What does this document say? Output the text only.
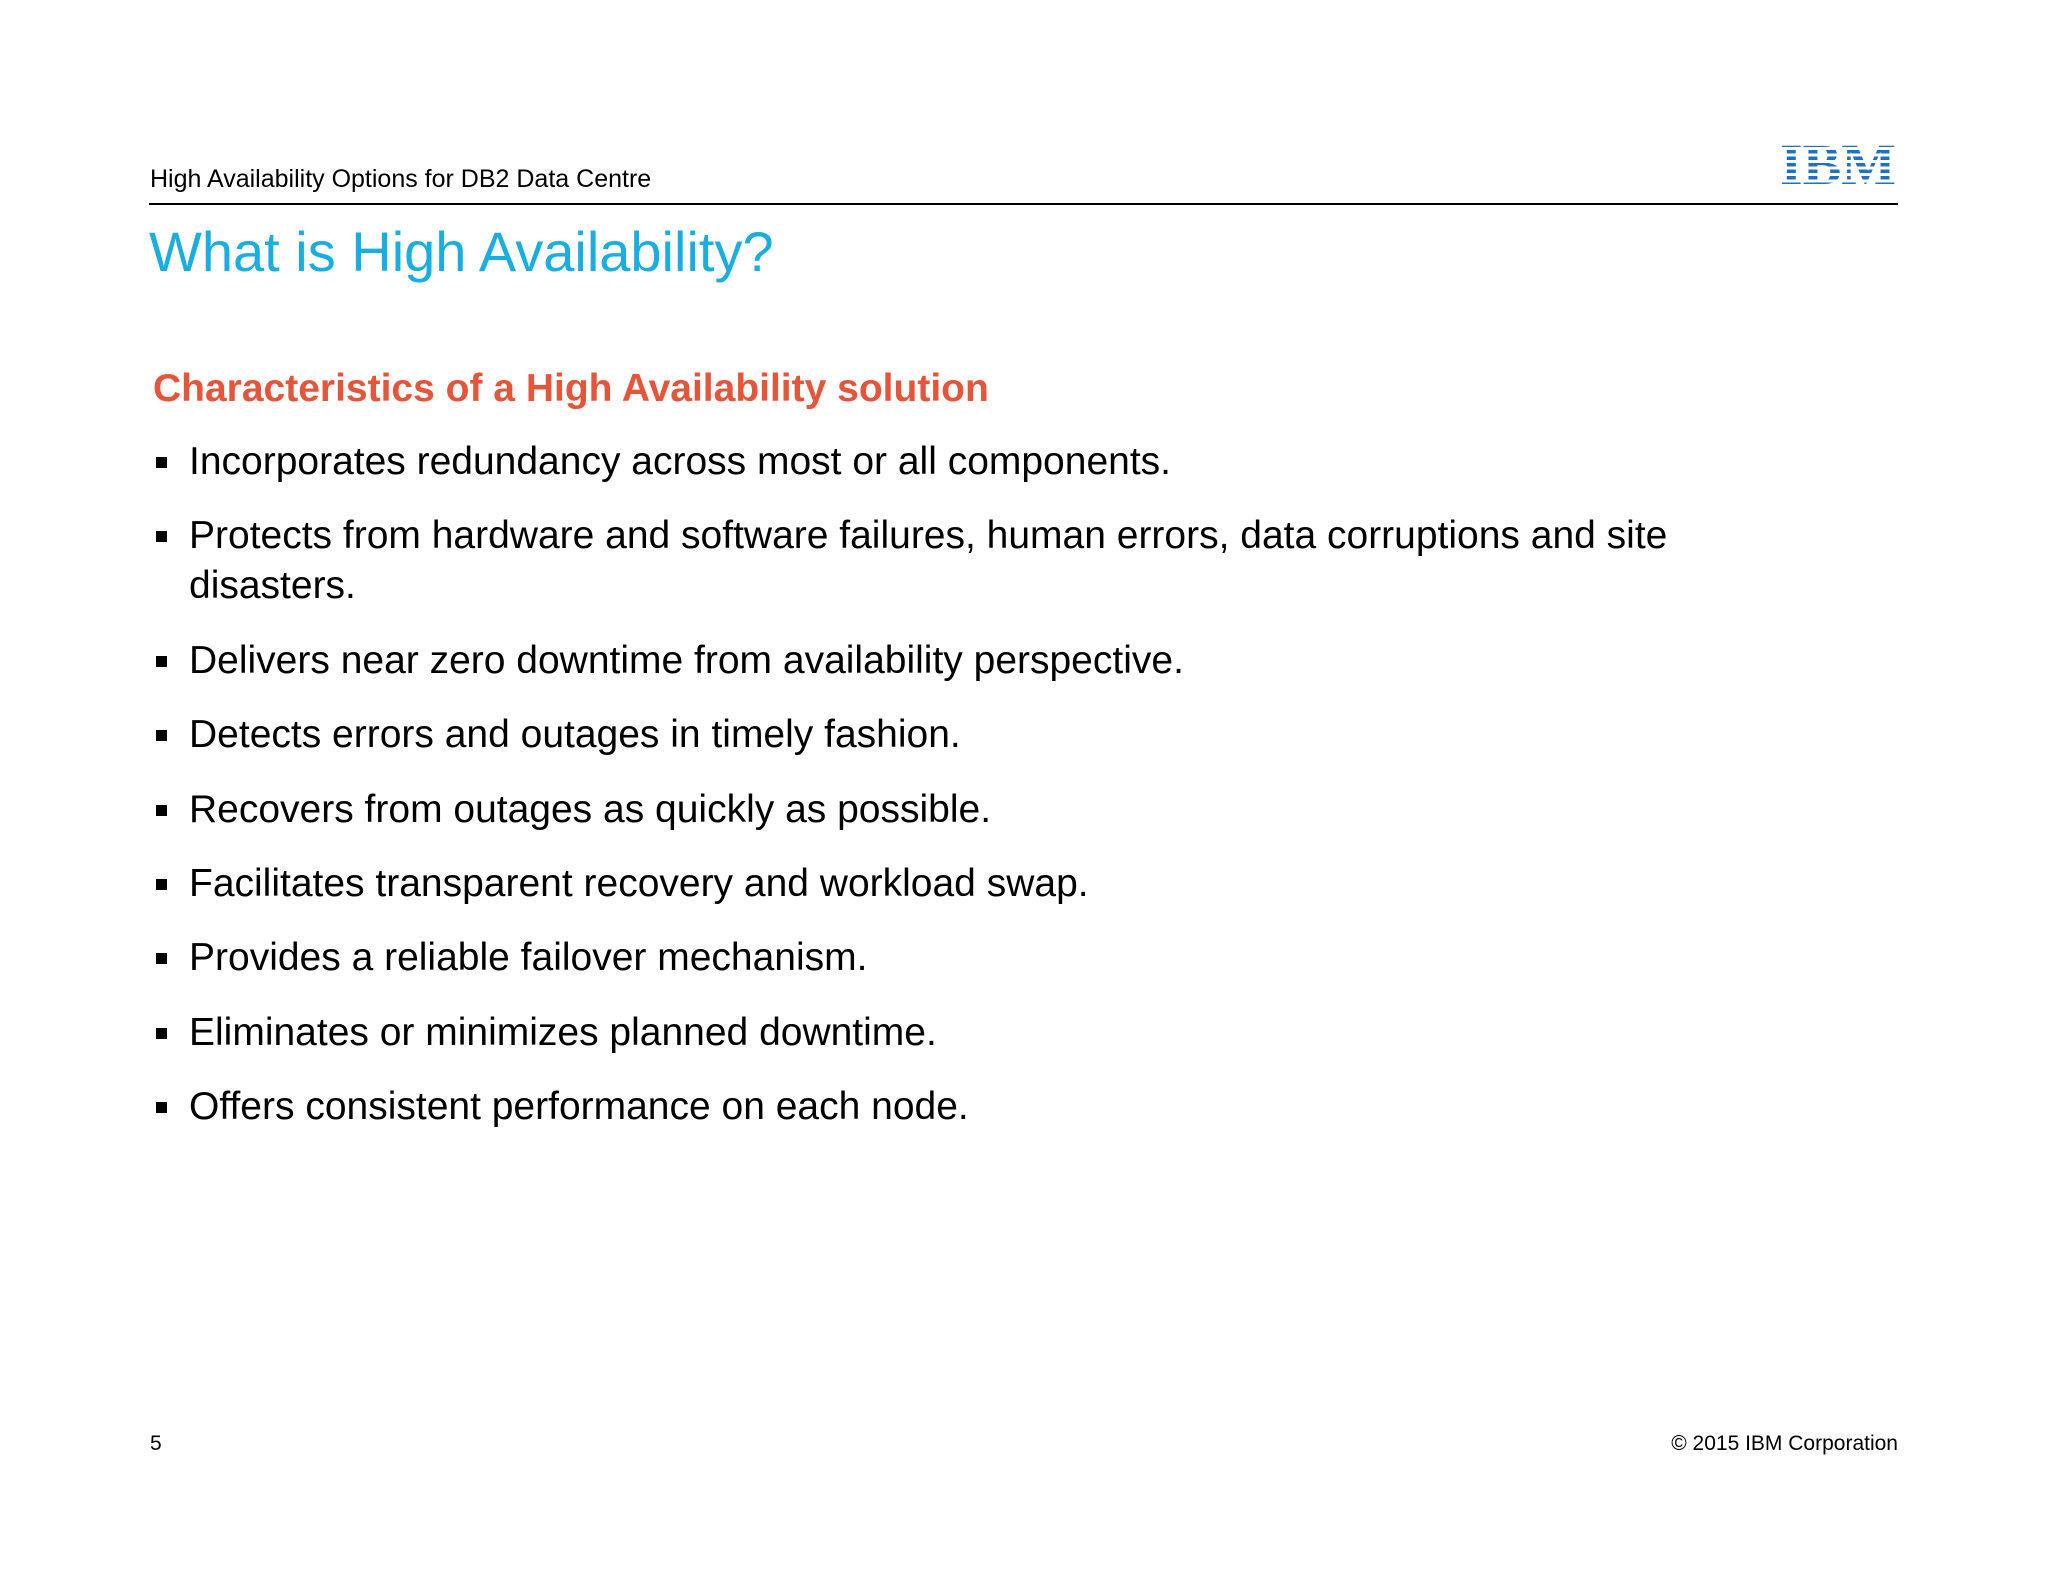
High Availability Options for DB2 Data Centre
What is High Availability?
Characteristics of a High Availability solution
Incorporates redundancy across most or all components.
Protects from hardware and software failures, human errors, data corruptions and site disasters.
Delivers near zero downtime from availability perspective.
Detects errors and outages in timely fashion.
Recovers from outages as quickly as possible.
Facilitates transparent recovery and workload swap.
Provides a reliable failover mechanism.
Eliminates or minimizes planned downtime.
Offers consistent performance on each node.
5	© 2015 IBM Corporation
